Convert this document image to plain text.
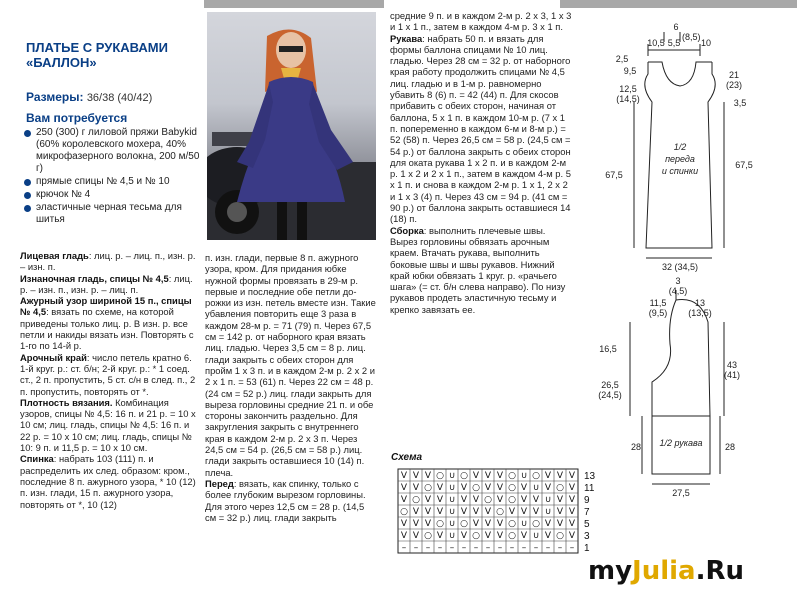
ПЛАТЬЕ С РУКАВАМИ
«БАЛЛОН»
Размеры: 36/38 (40/42)
Вам потребуется
250 (300) г лиловой пряжи Babykid (60% королевского мохера, 40% микрофазерного волокна, 200 м/50 г)
прямые спицы № 4,5 и № 10
крючок № 4
эластичные черная тесьма для шитья

Лицевая гладь: лиц. р. – лиц. п., изн. р. – изн. п.

Изнаночная гладь, спицы № 4,5: лиц. р. – изн. п., изн. р. – лиц. п.

Ажурный узор шириной 15 п., спицы № 4,5: вязать по схеме, на которой приведены только лиц. р. В изн. р. все петли и накиды вязать изн. Повторять с 1-го по 14-й р.

Арочный край: число петель кратно 6. 1-й круг. р.: ст. б/н; 2-й круг. р.: * 1 соед. ст., 2 п. пропустить, 5 ст. с/н в след. п., 2 п. пропустить, повторять от *.

Плотность вязания. Комбинация узоров, спицы № 4,5: 16 п. и 21 р. = 10 х 10 см; лиц. гладь, спицы № 4,5: 16 п. и 22 р. = 10 х 10 см; лиц. гладь, спицы № 10: 9 п. и 11,5 р. = 10 х 10 см.

Спинка: набрать 103 (111) п. и распределить их след. образом: кром., последние 8 п. ажурного узора, * 10 (12) п. изн. глади, 15 п. ажурного узора, повторять от *, 10 (12)

п. изн. глади, первые 8 п. ажурного узора, кром. Для придания юбке нужной формы провязать в 29-м р. первые и последние обе петли дорожки из изн. петель вместе изн. Такие убавления повторить еще 3 раза в каждом 28-м р. = 71 (79) п. Через 67,5 см = 142 р. от наборного края вязать лиц. гладью. Через 3,5 см = 8 р. лиц. глади закрыть с обеих сторон для пройм 1 х 3 п. и в каждом 2-м р. 2 х 2 и 2 х 1 п. = 53 (61) п. Через 22 см = 48 р. (24 см = 52 р.) лиц. глади закрыть для выреза горловины средние 21 п. и обе стороны закончить раздельно. Для закругления закрыть с внутреннего края в каждом 2-м р. 2 х 3 п. Через 24,5 см = 54 р. (26,5 см = 58 р.) лиц. глади закрыть оставшиеся 10 (14) п. плеча.

Перед: вязать, как спинку, только с более глубоким вырезом горловины. Для этого через 12,5 см = 28 р. (14,5 см = 32 р.) лиц. глади закрыть

средние 9 п. и в каждом 2-м р. 2 х 3, 1 х 3 и 1 х 1 п., затем в каждом 4-м р. 3 х 1 п.

Рукава: набрать 50 п. и вязать для формы баллона спицами № 10 лиц. гладью. Через 28 см = 32 р. от наборного края работу продолжить спицами № 4,5 лиц. гладью и в 1-м р. равномерно убавить 8 (6) п. = 42 (44) п. Для скосов прибавить с обеих сторон, начиная от баллона, 5 х 1 п. в каждом 10-м р. (7 х 1 п. попеременно в каждом 6-м и 8-м р.) = 52 (58) п. Через 26,5 см = 58 р. (24,5 см = 54 р.) от баллона закрыть с обеих сторон для оката рукава 1 х 2 п. и в каждом 2-м р. 1 х 2 и 2 х 1 п., затем в каждом 4-м р. 5 х 1 п. и снова в каждом 2-м р. 1 х 1, 2 х 2 и 1 х 3 (4) п. Через 43 см = 94 р. (41 см = 90 р.) от баллона закрыть оставшиеся 14 (18) п.

Сборка: выполнить плечевые швы. Вырез горловины обвязать арочным краем. Втачать рукава, выполнить боковые швы и швы рукавов. Нижний край юбки обвязать 1 круг. р. «рачьего шага» (= ст. б/н слева направо). По низу рукавов продеть эластичную тесьму и крепко завязать ее.

Схема
V V V ○ ∪ ○ V V V ○ ∪ ○ V V V
V V ○ V ∪ V ○ V V ○ V ∪ V ○ V
V ○ V V ∪ V V ○ V ○ V V ∪ V V
○ V V V ∪ V V V ○ V V V ∪ V V
V V V ○ ∪ ○ V V V ○ ∪ ○ V V V
V V ○ V ∪ V ○ V V ○ V ∪ V ○ V
– – – – – – – – – – – – – – –
13
11
9
7
5
3
1
6
(8,5)
10,5 5,5 10
2,5
9,5
12,5
(14,5)
21
(23)
3,5
67,5
67,5
1/2
переда
и спинки
32 (34,5)
3
(4,5)
11,5
(9,5)
13
(13,5)
16,5
26,5
(24,5)
28
43
(41)
28
1/2 рукава
27,5
myJulia.Ru
